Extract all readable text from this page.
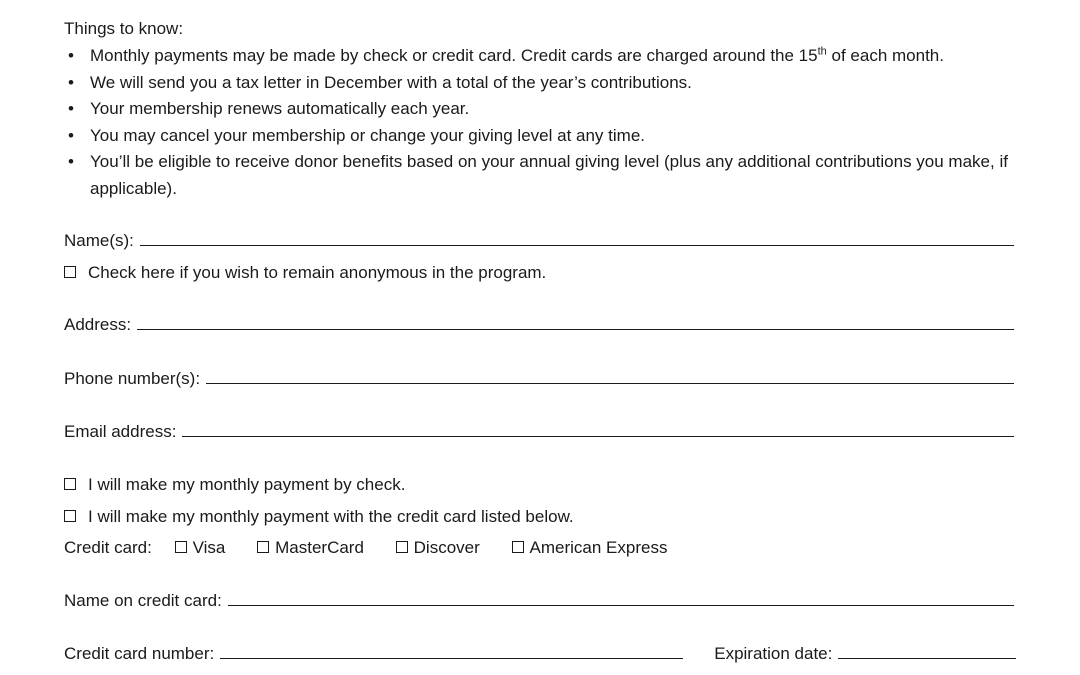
Things to know:
• Monthly payments may be made by check or credit card. Credit cards are charged around the 15th of each month.
• We will send you a tax letter in December with a total of the year’s contributions.
• Your membership renews automatically each year.
• You may cancel your membership or change your giving level at any time.
• You’ll be eligible to receive donor benefits based on your annual giving level (plus any additional contributions you make, if applicable).
Name(s):
Check here if you wish to remain anonymous in the program.
Address:
Phone number(s):
Email address:
I will make my monthly payment by check.
I will make my monthly payment with the credit card listed below.
Credit card: Visa	MasterCard	Discover	American Express
Name on credit card:
Credit card number:	Expiration date:
